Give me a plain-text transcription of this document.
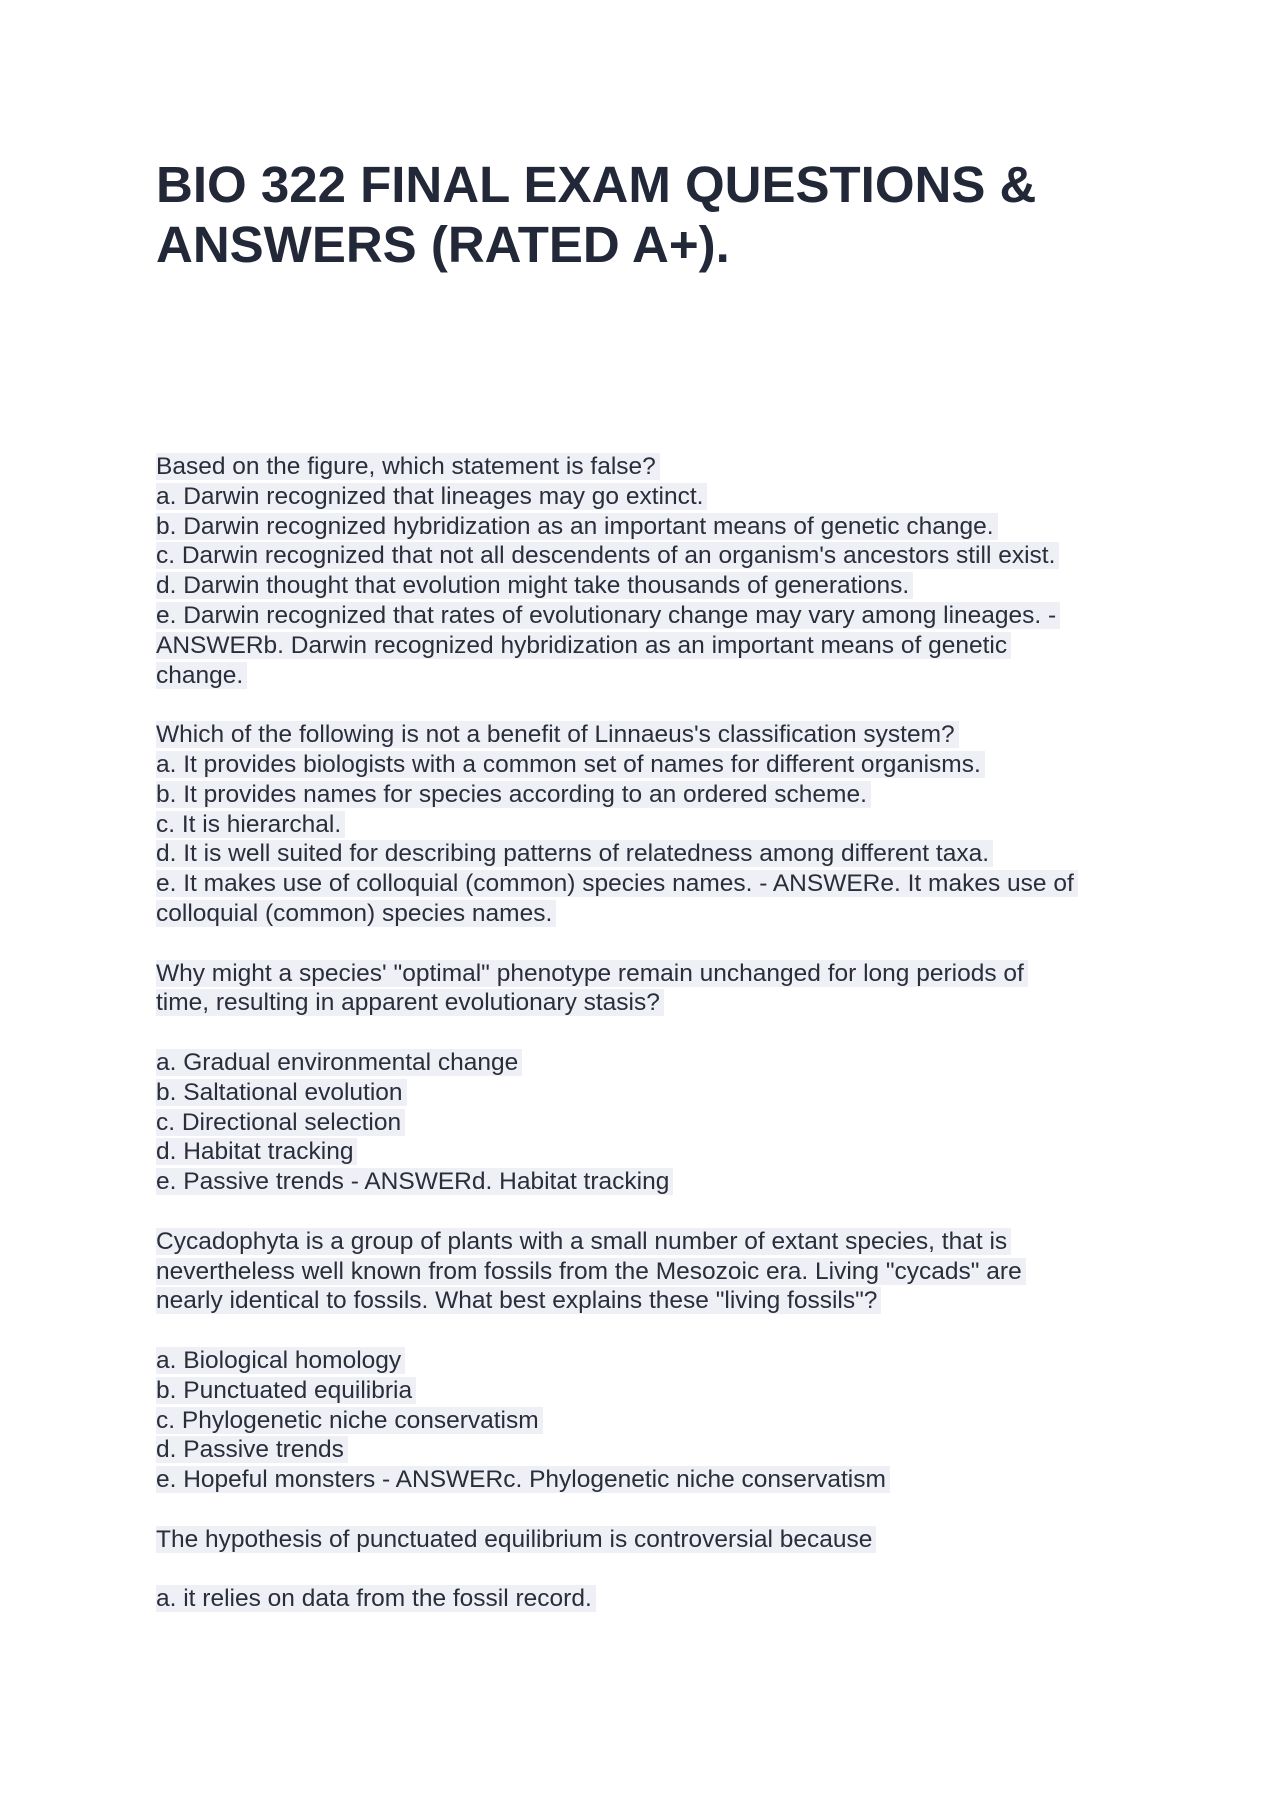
BIO 322 FINAL EXAM QUESTIONS &
ANSWERS (RATED A+).
Based on the figure, which statement is false?
a. Darwin recognized that lineages may go extinct.
b. Darwin recognized hybridization as an important means of genetic change.
c. Darwin recognized that not all descendents of an organism's ancestors still exist.
d. Darwin thought that evolution might take thousands of generations.
e. Darwin recognized that rates of evolutionary change may vary among lineages. -
ANSWERb. Darwin recognized hybridization as an important means of genetic
change.
Which of the following is not a benefit of Linnaeus's classification system?
a. It provides biologists with a common set of names for different organisms.
b. It provides names for species according to an ordered scheme.
c. It is hierarchal.
d. It is well suited for describing patterns of relatedness among different taxa.
e. It makes use of colloquial (common) species names. - ANSWERe. It makes use of
colloquial (common) species names.
Why might a species' "optimal" phenotype remain unchanged for long periods of
time, resulting in apparent evolutionary stasis?
a. Gradual environmental change
b. Saltational evolution
c. Directional selection
d. Habitat tracking
e. Passive trends - ANSWERd. Habitat tracking
Cycadophyta is a group of plants with a small number of extant species, that is
nevertheless well known from fossils from the Mesozoic era. Living "cycads" are
nearly identical to fossils. What best explains these "living fossils"?
a. Biological homology
b. Punctuated equilibria
c. Phylogenetic niche conservatism
d. Passive trends
e. Hopeful monsters - ANSWERc. Phylogenetic niche conservatism
The hypothesis of punctuated equilibrium is controversial because
a. it relies on data from the fossil record.
